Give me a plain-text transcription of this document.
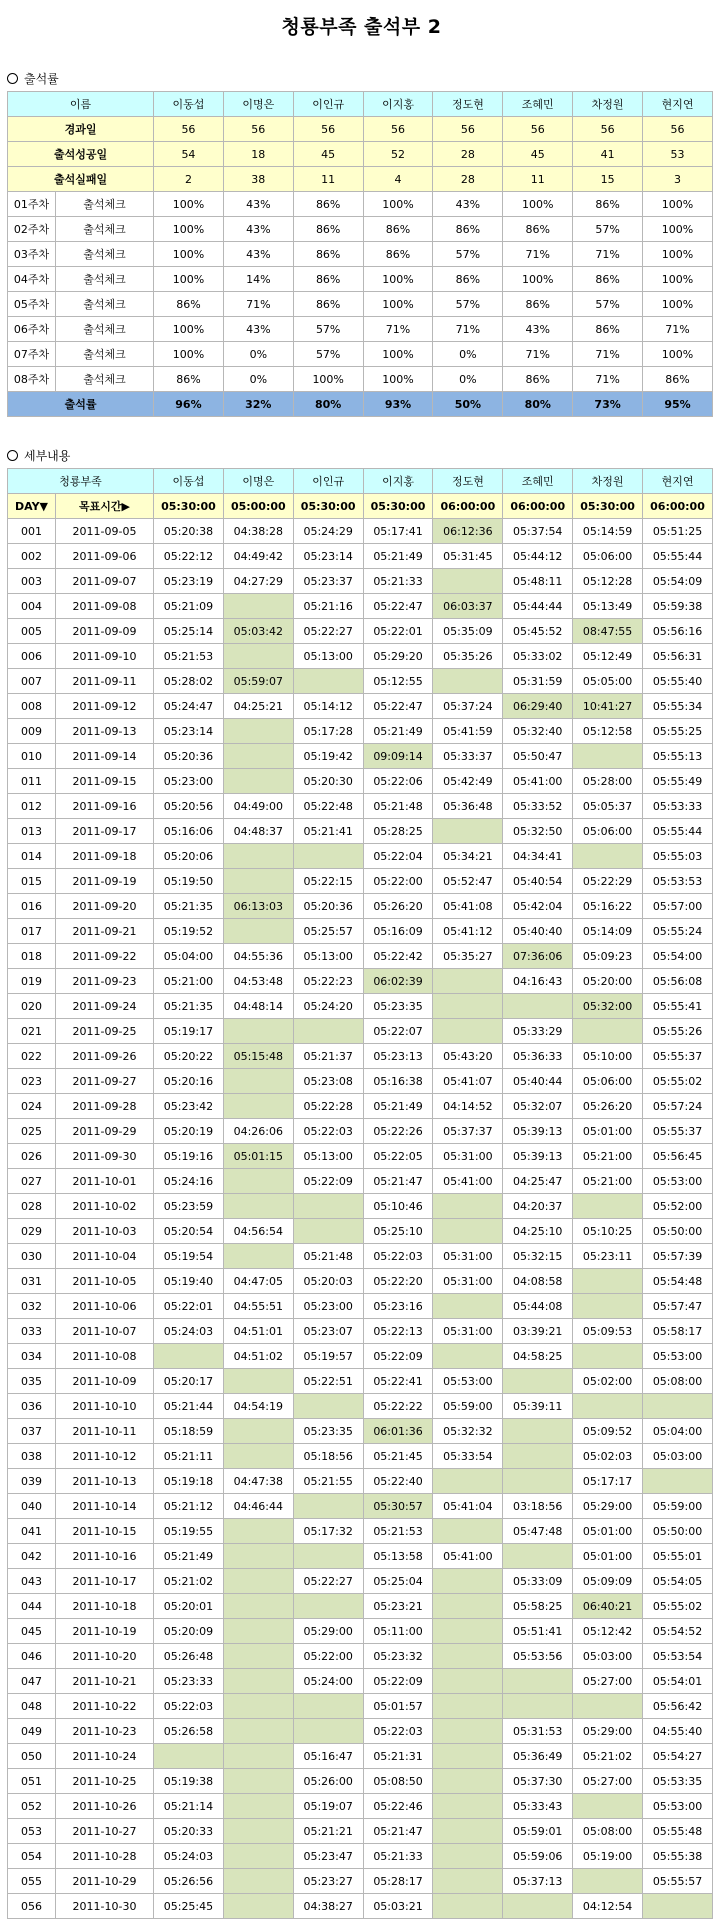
청룡부족 출석부 2
출석률
이름		이동섭	이명은	이인규	이지홍	정도현	조혜민	차정원	현지연
경과일		56	56	56	56	56	56	56	56
출석성공일		54	18	45	52	28	45	41	53
출석실패일		2	38	11	4	28	11	15	3
01주차	출석체크	100%	43%	86%	100%	43%	100%	86%	100%
02주차	출석체크	100%	43%	86%	86%	86%	86%	57%	100%
03주차	출석체크	100%	43%	86%	86%	57%	71%	71%	100%
04주차	출석체크	100%	14%	86%	100%	86%	100%	86%	100%
05주차	출석체크	86%	71%	86%	100%	57%	86%	57%	100%
06주차	출석체크	100%	43%	57%	71%	71%	43%	86%	71%
07주차	출석체크	100%	0%	57%	100%	0%	71%	71%	100%
08주차	출석체크	86%	0%	100%	100%	0%	86%	71%	86%
출석률		96%	32%	80%	93%	50%	80%	73%	95%
세부내용
청룡부족		이동섭	이명은	이인규	이지홍	정도현	조혜민	차정원	현지연
DAY▼	목표시간▶	05:30:00	05:00:00	05:30:00	05:30:00	06:00:00	06:00:00	05:30:00	06:00:00
001	2011-09-05	05:20:38	04:38:28	05:24:29	05:17:41	06:12:36	05:37:54	05:14:59	05:51:25
002	2011-09-06	05:22:12	04:49:42	05:23:14	05:21:49	05:31:45	05:44:12	05:06:00	05:55:44
003	2011-09-07	05:23:19	04:27:29	05:23:37	05:21:33		05:48:11	05:12:28	05:54:09
004	2011-09-08	05:21:09		05:21:16	05:22:47	06:03:37	05:44:44	05:13:49	05:59:38
005	2011-09-09	05:25:14	05:03:42	05:22:27	05:22:01	05:35:09	05:45:52	08:47:55	05:56:16
006	2011-09-10	05:21:53		05:13:00	05:29:20	05:35:26	05:33:02	05:12:49	05:56:31
007	2011-09-11	05:28:02	05:59:07		05:12:55		05:31:59	05:05:00	05:55:40
008	2011-09-12	05:24:47	04:25:21	05:14:12	05:22:47	05:37:24	06:29:40	10:41:27	05:55:34
009	2011-09-13	05:23:14		05:17:28	05:21:49	05:41:59	05:32:40	05:12:58	05:55:25
010	2011-09-14	05:20:36		05:19:42	09:09:14	05:33:37	05:50:47		05:55:13
011	2011-09-15	05:23:00		05:20:30	05:22:06	05:42:49	05:41:00	05:28:00	05:55:49
012	2011-09-16	05:20:56	04:49:00	05:22:48	05:21:48	05:36:48	05:33:52	05:05:37	05:53:33
013	2011-09-17	05:16:06	04:48:37	05:21:41	05:28:25		05:32:50	05:06:00	05:55:44
014	2011-09-18	05:20:06			05:22:04	05:34:21	04:34:41		05:55:03
015	2011-09-19	05:19:50		05:22:15	05:22:00	05:52:47	05:40:54	05:22:29	05:53:53
016	2011-09-20	05:21:35	06:13:03	05:20:36	05:26:20	05:41:08	05:42:04	05:16:22	05:57:00
017	2011-09-21	05:19:52		05:25:57	05:16:09	05:41:12	05:40:40	05:14:09	05:55:24
018	2011-09-22	05:04:00	04:55:36	05:13:00	05:22:42	05:35:27	07:36:06	05:09:23	05:54:00
019	2011-09-23	05:21:00	04:53:48	05:22:23	06:02:39		04:16:43	05:20:00	05:56:08
020	2011-09-24	05:21:35	04:48:14	05:24:20	05:23:35			05:32:00	05:55:41
021	2011-09-25	05:19:17			05:22:07		05:33:29		05:55:26
022	2011-09-26	05:20:22	05:15:48	05:21:37	05:23:13	05:43:20	05:36:33	05:10:00	05:55:37
023	2011-09-27	05:20:16		05:23:08	05:16:38	05:41:07	05:40:44	05:06:00	05:55:02
024	2011-09-28	05:23:42		05:22:28	05:21:49	04:14:52	05:32:07	05:26:20	05:57:24
025	2011-09-29	05:20:19	04:26:06	05:22:03	05:22:26	05:37:37	05:39:13	05:01:00	05:55:37
026	2011-09-30	05:19:16	05:01:15	05:13:00	05:22:05	05:31:00	05:39:13	05:21:00	05:56:45
027	2011-10-01	05:24:16		05:22:09	05:21:47	05:41:00	04:25:47	05:21:00	05:53:00
028	2011-10-02	05:23:59			05:10:46		04:20:37		05:52:00
029	2011-10-03	05:20:54	04:56:54		05:25:10		04:25:10	05:10:25	05:50:00
030	2011-10-04	05:19:54		05:21:48	05:22:03	05:31:00	05:32:15	05:23:11	05:57:39
031	2011-10-05	05:19:40	04:47:05	05:20:03	05:22:20	05:31:00	04:08:58		05:54:48
032	2011-10-06	05:22:01	04:55:51	05:23:00	05:23:16		05:44:08		05:57:47
033	2011-10-07	05:24:03	04:51:01	05:23:07	05:22:13	05:31:00	03:39:21	05:09:53	05:58:17
034	2011-10-08		04:51:02	05:19:57	05:22:09		04:58:25		05:53:00
035	2011-10-09	05:20:17		05:22:51	05:22:41	05:53:00		05:02:00	05:08:00
036	2011-10-10	05:21:44	04:54:19		05:22:22	05:59:00	05:39:11		
037	2011-10-11	05:18:59		05:23:35	06:01:36	05:32:32		05:09:52	05:04:00
038	2011-10-12	05:21:11		05:18:56	05:21:45	05:33:54		05:02:03	05:03:00
039	2011-10-13	05:19:18	04:47:38	05:21:55	05:22:40			05:17:17	
040	2011-10-14	05:21:12	04:46:44		05:30:57	05:41:04	03:18:56	05:29:00	05:59:00
041	2011-10-15	05:19:55		05:17:32	05:21:53		05:47:48	05:01:00	05:50:00
042	2011-10-16	05:21:49			05:13:58	05:41:00		05:01:00	05:55:01
043	2011-10-17	05:21:02		05:22:27	05:25:04		05:33:09	05:09:09	05:54:05
044	2011-10-18	05:20:01			05:23:21		05:58:25	06:40:21	05:55:02
045	2011-10-19	05:20:09		05:29:00	05:11:00		05:51:41	05:12:42	05:54:52
046	2011-10-20	05:26:48		05:22:00	05:23:32		05:53:56	05:03:00	05:53:54
047	2011-10-21	05:23:33		05:24:00	05:22:09			05:27:00	05:54:01
048	2011-10-22	05:22:03			05:01:57				05:56:42
049	2011-10-23	05:26:58			05:22:03		05:31:53	05:29:00	04:55:40
050	2011-10-24			05:16:47	05:21:31		05:36:49	05:21:02	05:54:27
051	2011-10-25	05:19:38		05:26:00	05:08:50		05:37:30	05:27:00	05:53:35
052	2011-10-26	05:21:14		05:19:07	05:22:46		05:33:43		05:53:00
053	2011-10-27	05:20:33		05:21:21	05:21:47		05:59:01	05:08:00	05:55:48
054	2011-10-28	05:24:03		05:23:47	05:21:33		05:59:06	05:19:00	05:55:38
055	2011-10-29	05:26:56		05:23:27	05:28:17		05:37:13		05:55:57
056	2011-10-30	05:25:45		04:38:27	05:03:21			04:12:54	
